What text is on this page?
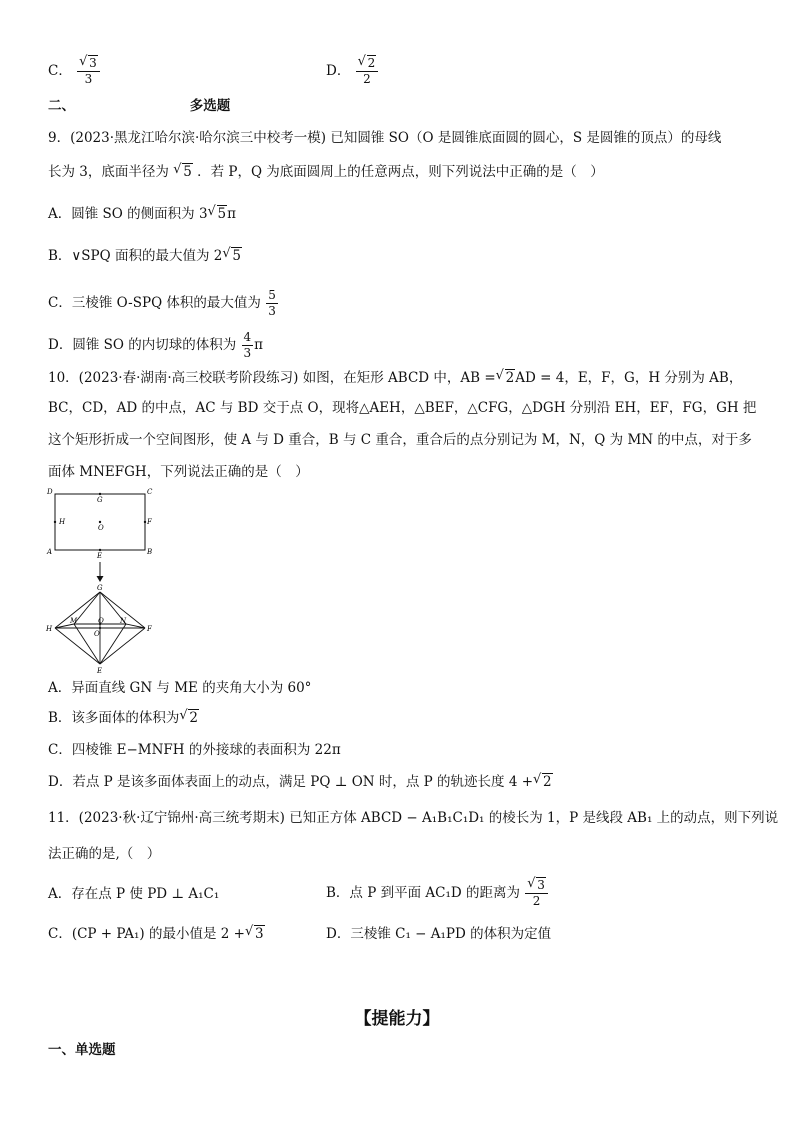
C． √ $\frac{3}{3}$	D． √ $\frac{2}{2}$
二、	多选题
9．(2023·黑龙江哈尔滨·哈尔滨三中校考一模) 已知圆锥 SO（O 是圆锥底面圆的圆心，S 是圆锥的顶点）的母线
长为 3，底面半径为 √ 5 ．若 P，Q 为底面圆周上的任意两点，则下列说法中正确的是（　）
A．圆锥 SO 的侧面积为 3 √ 5π
B．∨SPQ 面积的最大值为 2 √ 5
C．三棱锥 O-SPQ 体积的最大值为 $\frac{5}{3}$
D．圆锥 SO 的内切球的体积为 $\frac{4}{3}$ π
10．(2023·春·湖南·高三校联考阶段练习) 如图，在矩形 ABCD 中，AB = √ 2AD = 4，E，F，G，H 分别为 AB，
BC，CD，AD 的中点，AC 与 BD 交于点 O，现将△AEH，△BEF，△CFG，△DGH 分别沿 EH，EF，FG，GH 把
这个矩形折成一个空间图形，使 A 与 D 重合，B 与 C 重合，重合后的点分别记为 M，N，Q 为 MN 的中点，对于多
面体 MNEFGH，下列说法正确的是（　）
D
G
C
H
O
F
A	E	B
G
H
M	Q
O
N
F
E
A．异面直线 GN 与 ME 的夹角大小为 60°
B．该多面体的体积为 √ 2
C．四棱锥 E−MNFH 的外接球的表面积为 22π
D．若点 P 是该多面体表面上的动点，满足 PQ ⊥ ON 时，点 P 的轨迹长度 4 + √ 2
11．(2023·秋·辽宁锦州·高三统考期末) 已知正方体 ABCD − A₁B₁C₁D₁ 的棱长为 1，P 是线段 AB₁ 上的动点，则下列说
法正确的是,（　）
A．存在点 P 使 PD ⊥ A₁C₁	B．点 P 到平面 AC₁D 的距离为 √ $\frac{3}{2}$
C．(CP + PA₁) 的最小值是 2 + √ 3	D．三棱锥 C₁ − A₁PD 的体积为定值
【提能力】
一、单选题
